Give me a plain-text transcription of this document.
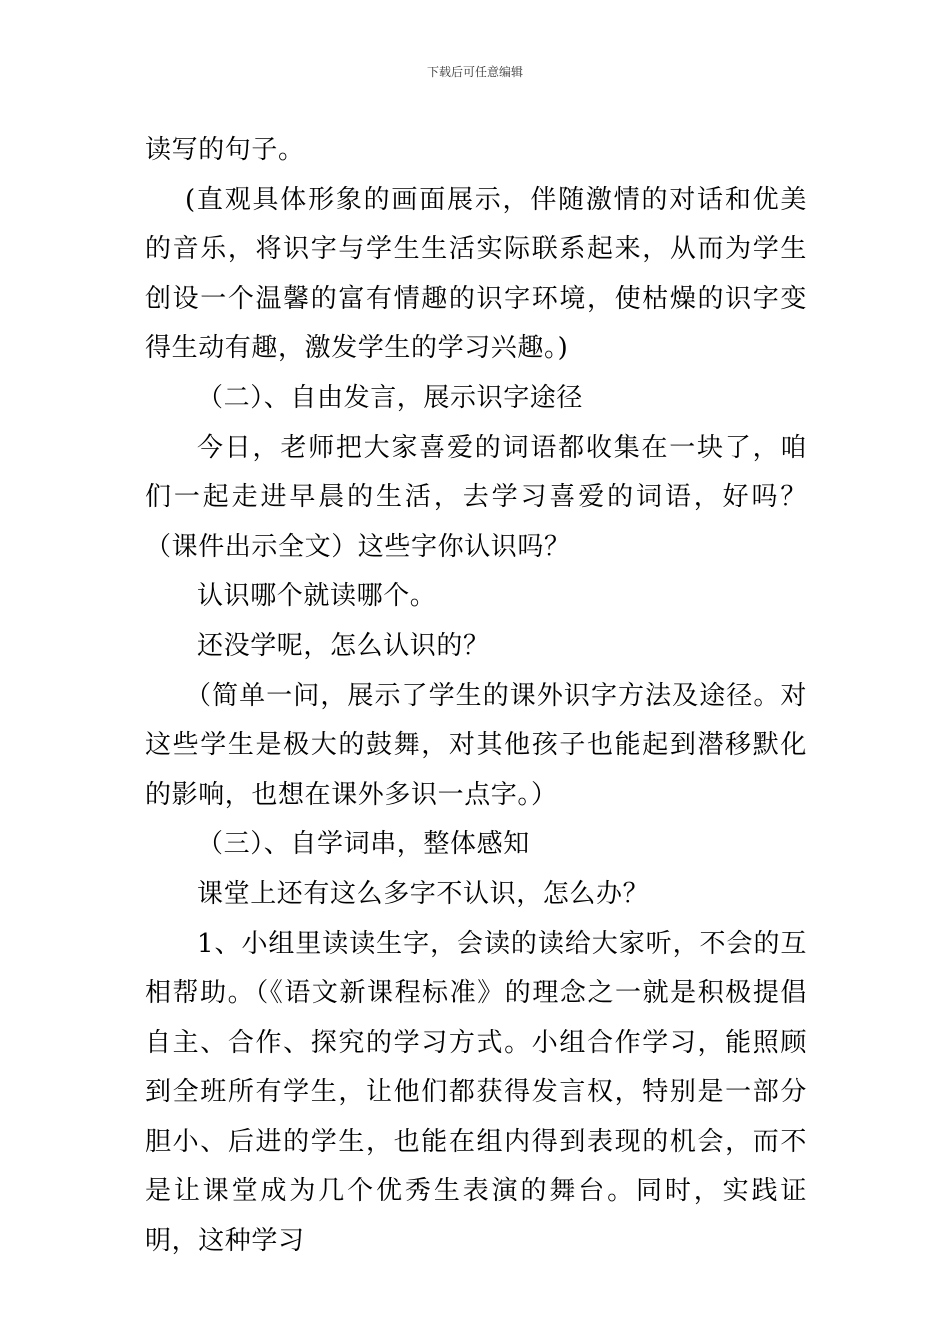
下载后可任意编辑

读写的句子。

(直观具体形象的画面展示，伴随激情的对话和优美的音乐，将识字与学生生活实际联系起来，从而为学生创设一个温馨的富有情趣的识字环境，使枯燥的识字变得生动有趣，激发学生的学习兴趣。)

（二）、自由发言，展示识字途径

今日，老师把大家喜爱的词语都收集在一块了，咱们一起走进早晨的生活，去学习喜爱的词语，好吗？（课件出示全文）这些字你认识吗？

认识哪个就读哪个。

还没学呢，怎么认识的？

（简单一问，展示了学生的课外识字方法及途径。对这些学生是极大的鼓舞，对其他孩子也能起到潜移默化的影响，也想在课外多识一点字。）

（三）、自学词串，整体感知

课堂上还有这么多字不认识，怎么办？

1、小组里读读生字，会读的读给大家听，不会的互相帮助。（《语文新课程标准》的理念之一就是积极提倡自主、合作、探究的学习方式。小组合作学习，能照顾到全班所有学生，让他们都获得发言权，特别是一部分胆小、后进的学生，也能在组内得到表现的机会，而不是让课堂成为几个优秀生表演的舞台。同时，实践证明，这种学习
